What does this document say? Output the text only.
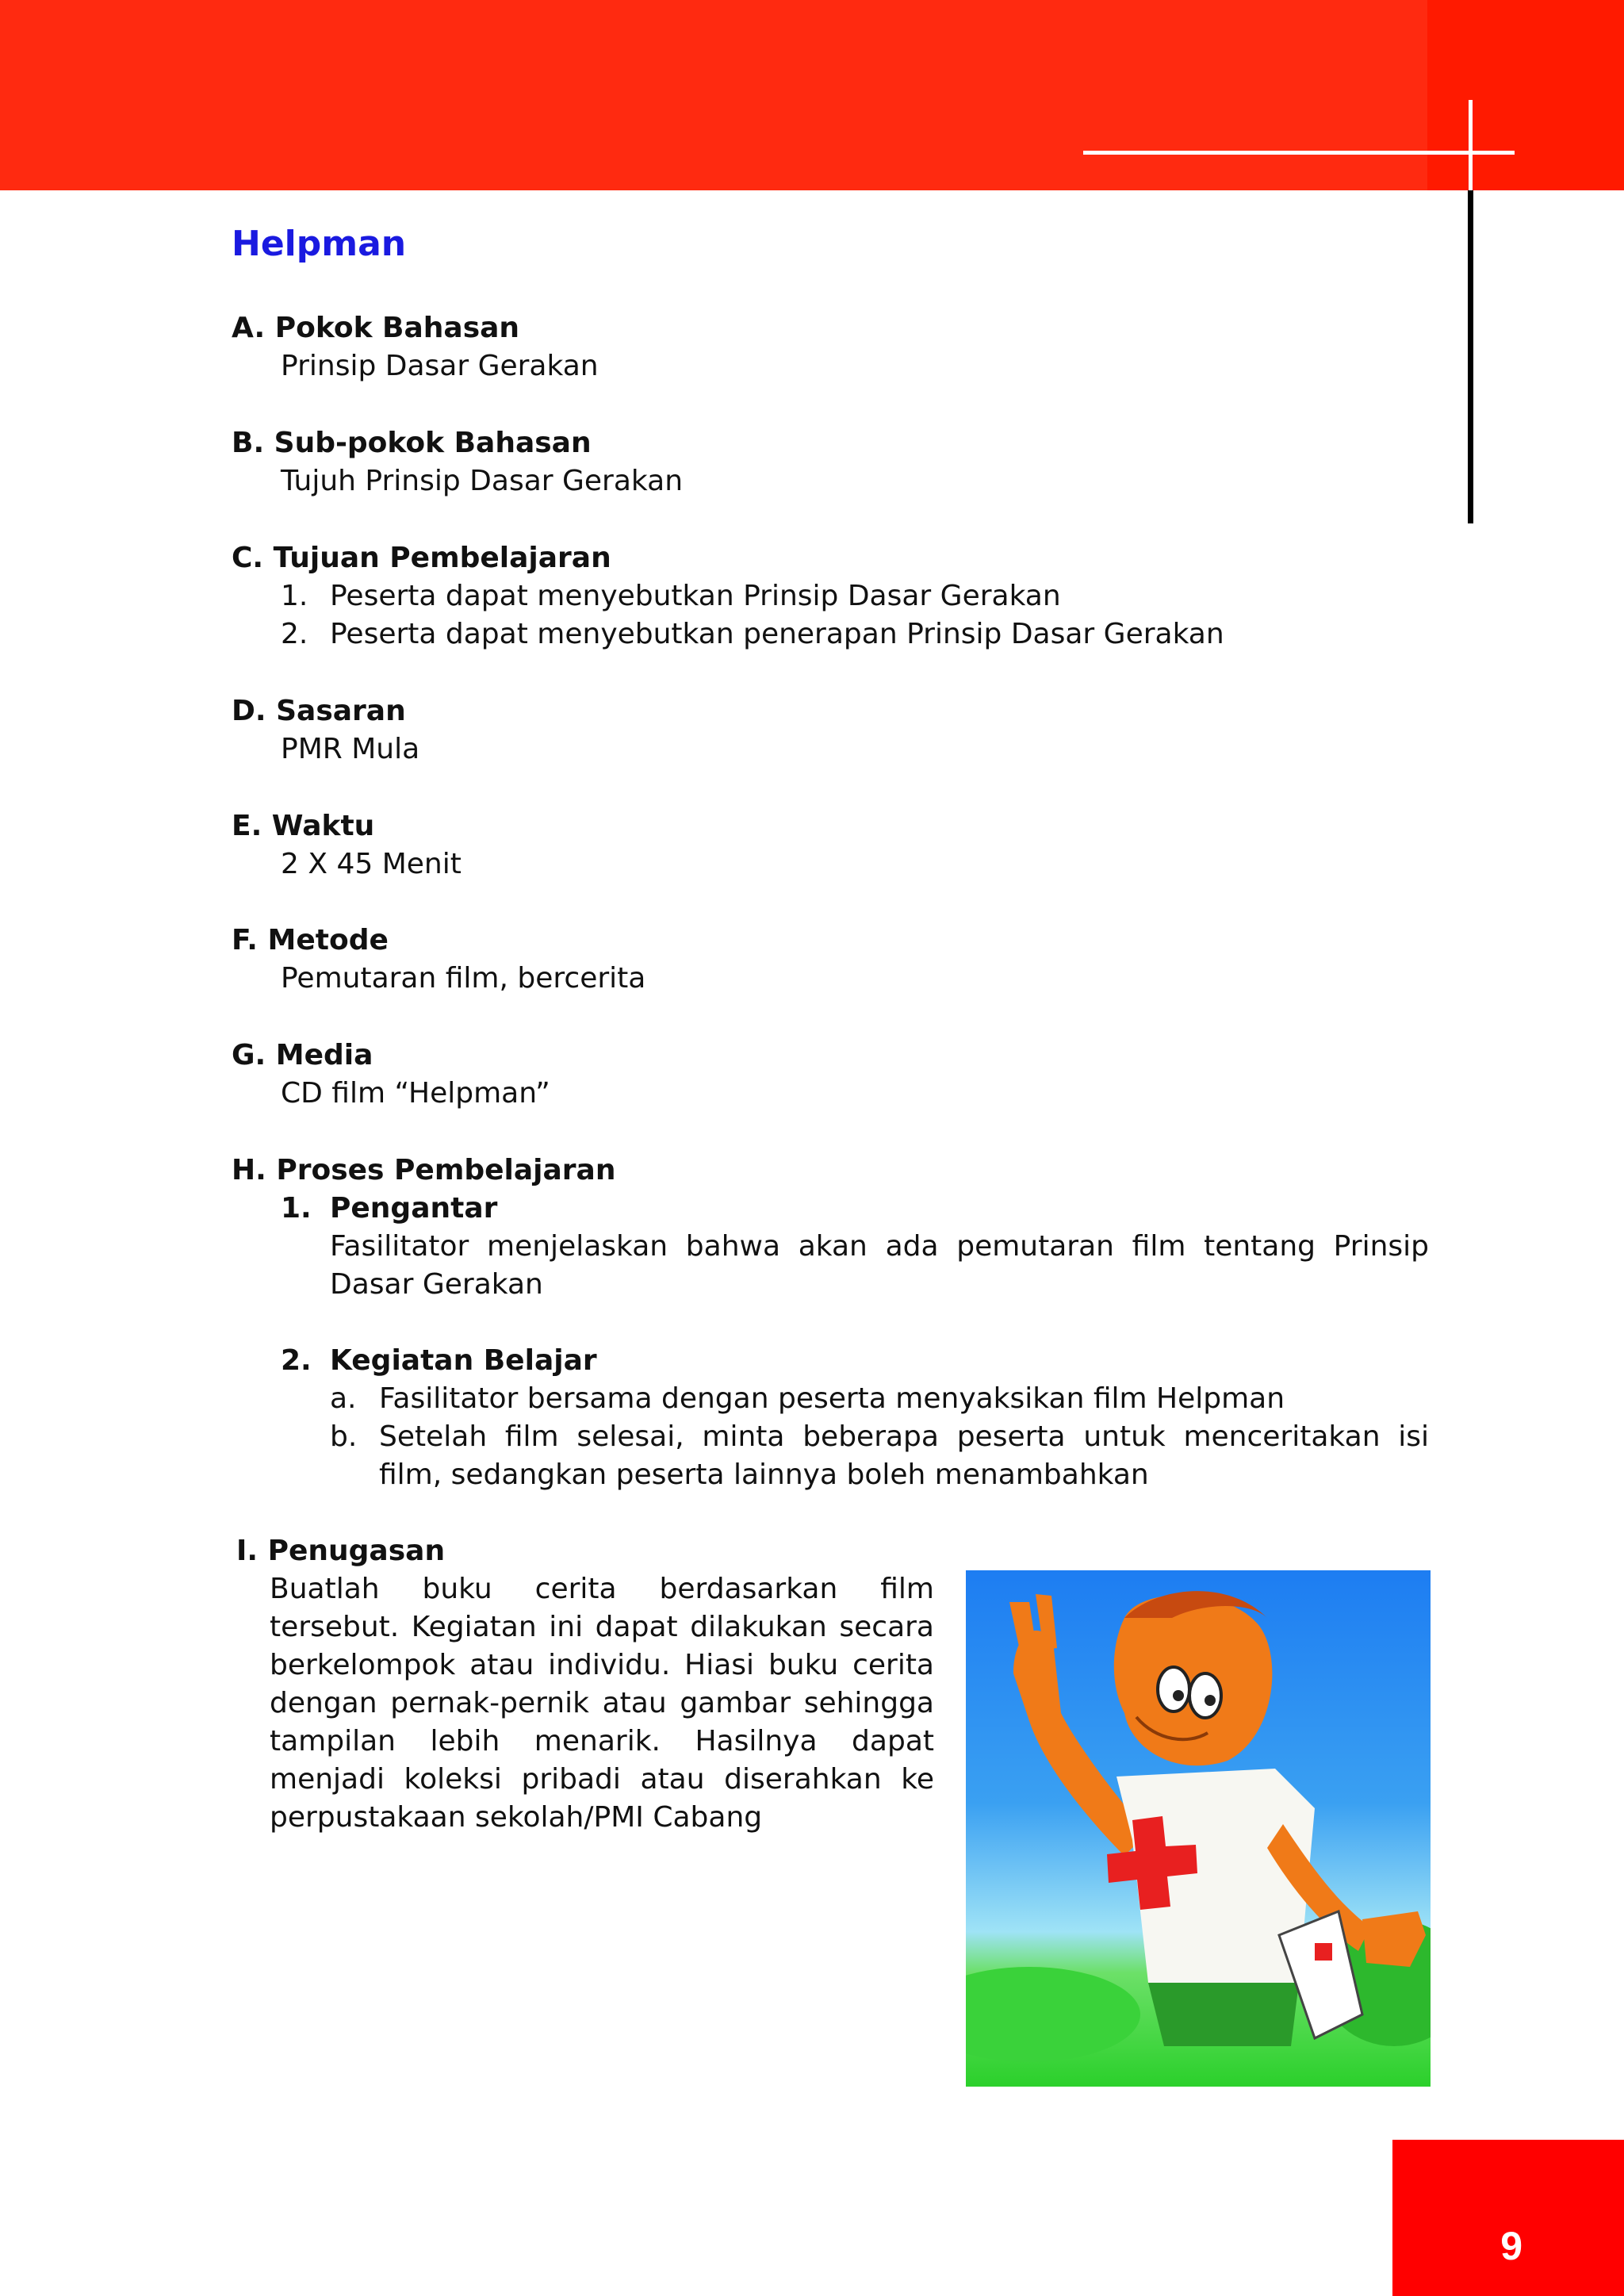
Helpman
A. Pokok Bahasan
Prinsip Dasar Gerakan
B. Sub-pokok Bahasan
Tujuh Prinsip Dasar Gerakan
C. Tujuan Pembelajaran
1. Peserta dapat menyebutkan Prinsip Dasar Gerakan
2. Peserta dapat menyebutkan penerapan Prinsip Dasar Gerakan
D. Sasaran
PMR Mula
E. Waktu
2 X 45 Menit
F. Metode
Pemutaran film, bercerita
G. Media
CD film “Helpman”
H. Proses Pembelajaran
1. Pengantar
Fasilitator menjelaskan bahwa akan ada pemutaran film tentang Prinsip Dasar Gerakan
2. Kegiatan Belajar
a. Fasilitator bersama dengan peserta menyaksikan film Helpman
b. Setelah film selesai, minta beberapa peserta untuk menceritakan isi film, sedangkan peserta lainnya boleh menambahkan
I. Penugasan
Buatlah buku cerita berdasarkan film tersebut. Kegiatan ini dapat dilakukan secara berkelompok atau individu. Hiasi buku cerita dengan pernak-pernik atau gambar sehingga tampilan lebih menarik. Hasilnya dapat menjadi koleksi pribadi atau diserahkan ke perpustakaan sekolah/PMI Cabang
9
